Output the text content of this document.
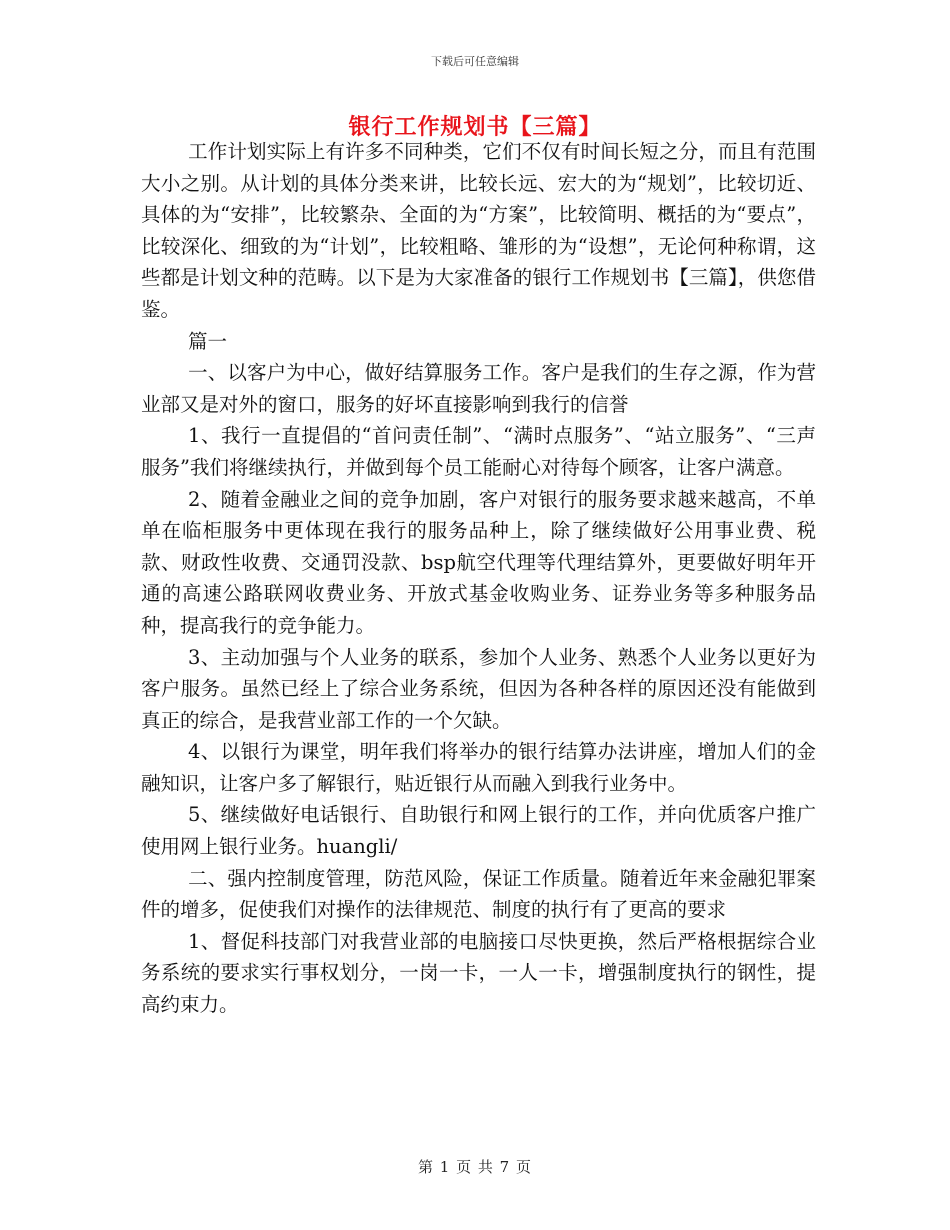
下载后可任意编辑
银行工作规划书【三篇】

工作计划实际上有许多不同种类，它们不仅有时间长短之分，而且有范围大小之别。从计划的具体分类来讲，比较长远、宏大的为“规划”，比较切近、具体的为“安排”，比较繁杂、全面的为“方案”，比较简明、概括的为“要点”，比较深化、细致的为“计划”，比较粗略、雏形的为“设想”，无论何种称谓，这些都是计划文种的范畴。以下是为大家准备的银行工作规划书【三篇】，供您借鉴。

篇一

一、以客户为中心，做好结算服务工作。客户是我们的生存之源，作为营业部又是对外的窗口，服务的好坏直接影响到我行的信誉

1、我行一直提倡的“首问责任制”、“满时点服务”、“站立服务”、“三声服务”我们将继续执行，并做到每个员工能耐心对待每个顾客，让客户满意。

2、随着金融业之间的竞争加剧，客户对银行的服务要求越来越高，不单单在临柜服务中更体现在我行的服务品种上，除了继续做好公用事业费、税款、财政性收费、交通罚没款、bsp航空代理等代理结算外，更要做好明年开通的高速公路联网收费业务、开放式基金收购业务、证券业务等多种服务品种，提高我行的竞争能力。

3、主动加强与个人业务的联系，参加个人业务、熟悉个人业务以更好为客户服务。虽然已经上了综合业务系统，但因为各种各样的原因还没有能做到真正的综合，是我营业部工作的一个欠缺。

4、以银行为课堂，明年我们将举办的银行结算办法讲座，增加人们的金融知识，让客户多了解银行，贴近银行从而融入到我行业务中。

5、继续做好电话银行、自助银行和网上银行的工作，并向优质客户推广使用网上银行业务。huangli/

二、强内控制度管理，防范风险，保证工作质量。随着近年来金融犯罪案件的增多，促使我们对操作的法律规范、制度的执行有了更高的要求

1、督促科技部门对我营业部的电脑接口尽快更换，然后严格根据综合业务系统的要求实行事权划分，一岗一卡，一人一卡，增强制度执行的钢性，提高约束力。

第 1 页 共 7 页
